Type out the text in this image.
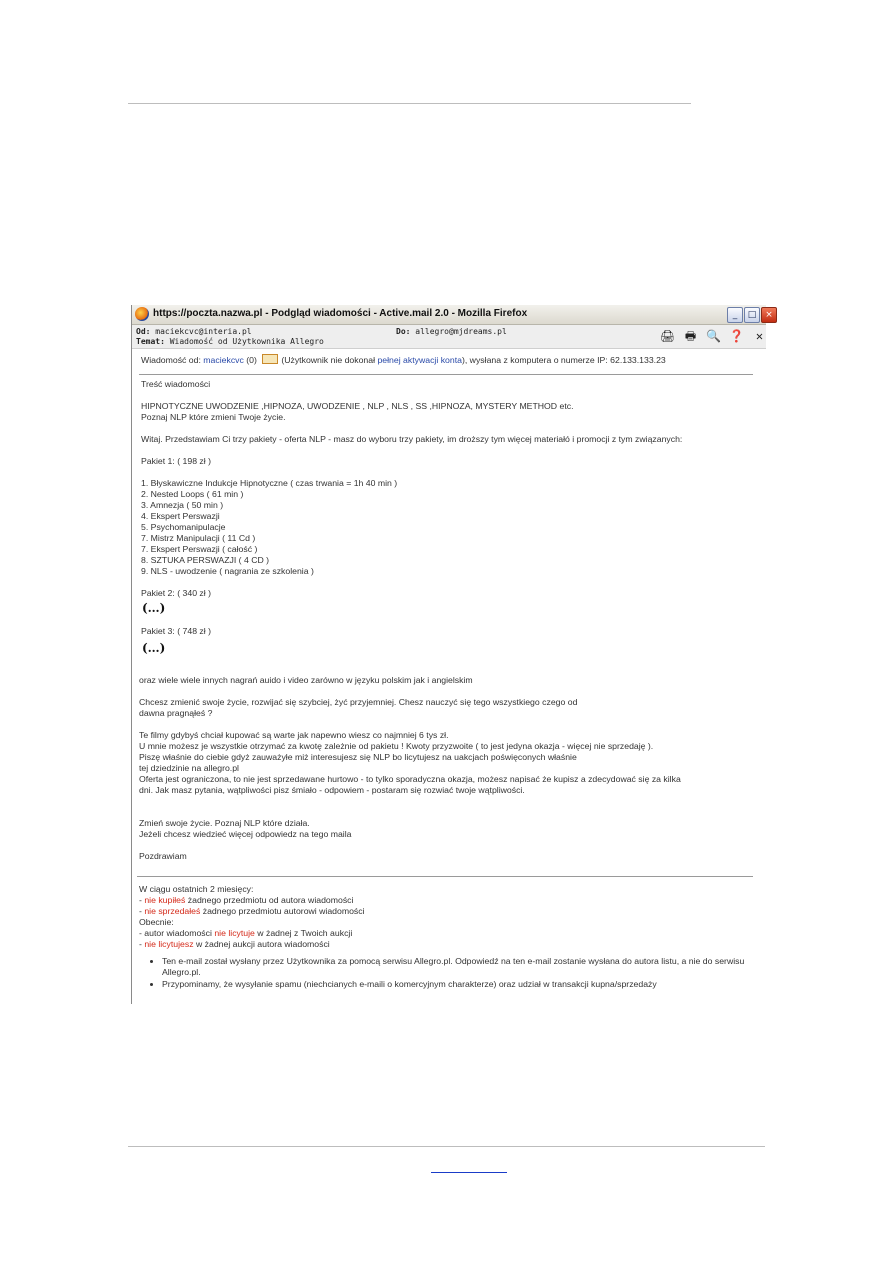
https://poczta.nazwa.pl - Podgląd wiadomości - Active.mail 2.0 - Mozilla Firefox	_	□ ×
Od: maciekcvc@interia.pl	Do: allegro@mjdreams.pl
Temat: Wiadomość od Użytkownika Allegro	🖨 🖶 🔍 ❓ ✕
Wiadomość od: maciekcvc (0)	(Użytkownik nie dokonał pełnej aktywacji konta), wysłana z komputera o numerze IP: 62.133.133.23
Treść wiadomości
HIPNOTYCZNE UWODZENIE ,HIPNOZA, UWODZENIE , NLP , NLS , SS ,HIPNOZA, MYSTERY METHOD etc.
Poznaj NLP które zmieni Twoje życie.
Witaj. Przedstawiam Ci trzy pakiety - oferta NLP - masz do wyboru trzy pakiety, im droższy tym więcej materiałó i promocji z tym związanych:
Pakiet 1: ( 198 zł )
1. Błyskawiczne Indukcje Hipnotyczne ( czas trwania = 1h 40 min )
2. Nested Loops ( 61 min )
3. Amnezja ( 50 min )
4. Ekspert Perswazji
5. Psychomanipulacje
7. Mistrz Manipulacji ( 11 Cd )
7. Ekspert Perswazji ( całość )
8. SZTUKA PERSWAZJI ( 4 CD )
9. NLS - uwodzenie ( nagrania ze szkolenia )
Pakiet 2: ( 340 zł )
(…)
Pakiet 3: ( 748 zł )
(…)
oraz wiele wiele innych nagrań auido i video zarówno w języku polskim jak i angielskim
Chcesz zmienić swoje życie, rozwijać się szybciej, żyć przyjemniej. Chesz nauczyć się tego wszystkiego czego od
dawna pragnąłeś ?
Te filmy gdybyś chciał kupować są warte jak napewno wiesz co najmniej 6 tys zł.
U mnie możesz je wszystkie otrzymać za kwotę zależnie od pakietu ! Kwoty przyzwoite ( to jest jedyna okazja - więcej nie sprzedaję ).
Piszę właśnie do ciebie gdyż zauważyłe miż interesujesz się NLP bo licytujesz na uakcjach poświęconych właśnie
tej dziedzinie na allegro.pl
Oferta jest ograniczona, to nie jest sprzedawane hurtowo - to tylko sporadyczna okazja, możesz napisać że kupisz a zdecydować się za kilka
dni. Jak masz pytania, wątpliwości pisz śmiało - odpowiem - postaram się rozwiać twoje wątpliwości.
Zmień swoje życie. Poznaj NLP które działa.
Jeżeli chcesz wiedzieć więcej odpowiedz na tego maila
Pozdrawiam
W ciągu ostatnich 2 miesięcy:
- nie kupiłeś żadnego przedmiotu od autora wiadomości
- nie sprzedałeś żadnego przedmiotu autorowi wiadomości
Obecnie:
- autor wiadomości nie licytuje w żadnej z Twoich aukcji
- nie licytujesz w żadnej aukcji autora wiadomości
• Ten e-mail został wysłany przez Użytkownika za pomocą serwisu Allegro.pl. Odpowiedź na ten e-mail zostanie wysłana do autora listu, a nie do serwisu Allegro.pl.
• Przypominamy, że wysyłanie spamu (niechcianych e-maili o komercyjnym charakterze) oraz udział w transakcji kupna/sprzedaży
